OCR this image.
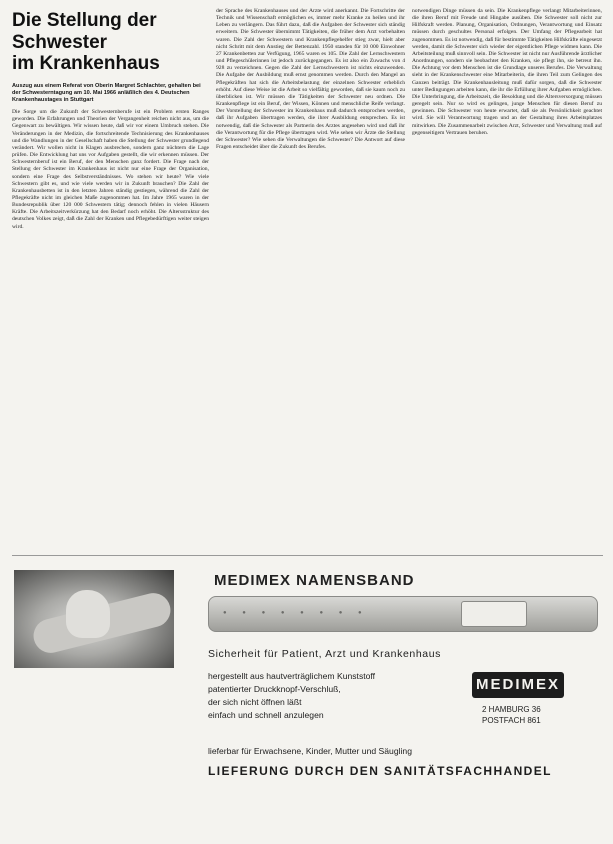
Die Stellung der
Schwester
im Krankenhaus

Auszug aus einem Referat von Oberin Margret Schlachter, gehalten bei der Schwesterntagung am 10. Mai 1966 anläßlich des 4. Deutschen Krankenhaustages in Stuttgart

Die Sorge um die Zukunft der Schwesternberufe ist ein Problem ersten Ranges geworden. Die Erfahrungen und Theorien der Vergangenheit reichen nicht aus, um die Gegenwart zu bewältigen. Wir wissen heute, daß wir vor einem Umbruch stehen. Die Veränderungen in der Medizin, die fortschreitende Technisierung des Krankenhauses und die Wandlungen in der Gesellschaft haben die Stellung der Schwester grundlegend verändert. Wir wollen nicht in Klagen ausbrechen, sondern ganz nüchtern die Lage prüfen. Die Entwicklung hat uns vor Aufgaben gestellt, die wir erkennen müssen. Der Schwesternberuf ist ein Beruf, der den Menschen ganz fordert. Die Frage nach der Stellung der Schwester im Krankenhaus ist nicht nur eine Frage der Organisation, sondern eine Frage des Selbstverständnisses. Wo stehen wir heute? Wie viele Schwestern gibt es, und wie viele werden wir in Zukunft brauchen? Die Zahl der Krankenhausbetten ist in den letzten Jahren ständig gestiegen, während die Zahl der Pflegekräfte nicht im gleichen Maße zugenommen hat. Im Jahre 1965 waren in der Bundesrepublik über 120 000 Schwestern tätig; dennoch fehlen in vielen Häusern Kräfte. Die Arbeitszeitverkürzung hat den Bedarf noch erhöht. Die Altersstruktur des deutschen Volkes zeigt, daß die Zahl der Kranken und Pflegebedürftigen weiter steigen wird.

der Sprache des Krankenhauses und der Ärzte wird anerkannt. Die Fortschritte der Technik und Wissenschaft ermöglichen es, immer mehr Kranke zu heilen und ihr Leben zu verlängern. Das führt dazu, daß die Aufgaben der Schwester sich ständig erweitern. Die Schwester übernimmt Tätigkeiten, die früher dem Arzt vorbehalten waren. Die Zahl der Schwestern und Krankenpflegehelfer stieg zwar, hielt aber nicht Schritt mit dem Anstieg der Bettenzahl. 1950 standen für 10 000 Einwohner 27 Krankenbetten zur Verfügung, 1965 waren es 105. Die Zahl der Lernschwestern und Pflegeschülerinnen ist jedoch zurückgegangen. Es ist also ein Zuwachs von 4 928 zu verzeichnen. Gegen die Zahl der Lernschwestern ist nichts einzuwenden. Die Aufgabe der Ausbildung muß ernst genommen werden. Durch den Mangel an Pflegekräften hat sich die Arbeitsbelastung der einzelnen Schwester erheblich erhöht. Auf diese Weise ist die Arbeit so vielfältig geworden, daß sie kaum noch zu überblicken ist. Wir müssen die Tätigkeiten der Schwester neu ordnen. Die Krankenpflege ist ein Beruf, der Wissen, Können und menschliche Reife verlangt. Der Vorstellung der Schwester im Krankenhaus muß dadurch entsprochen werden, daß ihr Aufgaben übertragen werden, die ihrer Ausbildung entsprechen. Es ist notwendig, daß die Schwester als Partnerin des Arztes angesehen wird und daß ihr die Verantwortung für die Pflege übertragen wird. Wie sehen wir Ärzte die Stellung der Schwester? Wie sehen die Verwaltungen die Schwester? Die Antwort auf diese Fragen entscheidet über die Zukunft des Berufes.

notwendigen Dinge müssen da sein. Die Krankenpflege verlangt Mitarbeiterinnen, die ihren Beruf mit Freude und Hingabe ausüben. Die Schwester soll nicht zur Hilfskraft werden. Planung, Organisation, Ordnungen, Verantwortung und Einsatz müssen durch geschultes Personal erfolgen. Der Umfang der Pflegearbeit hat zugenommen. Es ist notwendig, daß für bestimmte Tätigkeiten Hilfskräfte eingesetzt werden, damit die Schwester sich wieder der eigentlichen Pflege widmen kann. Die Arbeitsteilung muß sinnvoll sein. Die Schwester ist nicht nur Ausführende ärztlicher Anordnungen, sondern sie beobachtet den Kranken, sie pflegt ihn, sie betreut ihn. Die Achtung vor dem Menschen ist die Grundlage unseres Berufes. Die Verwaltung sieht in der Krankenschwester eine Mitarbeiterin, die ihren Teil zum Gelingen des Ganzen beiträgt. Die Krankenhausleitung muß dafür sorgen, daß die Schwester unter Bedingungen arbeiten kann, die ihr die Erfüllung ihrer Aufgaben ermöglichen. Die Unterbringung, die Arbeitszeit, die Besoldung und die Altersversorgung müssen geregelt sein. Nur so wird es gelingen, junge Menschen für diesen Beruf zu gewinnen. Die Schwester von heute erwartet, daß sie als Persönlichkeit geachtet wird. Sie will Verantwortung tragen und an der Gestaltung ihres Arbeitsplatzes mitwirken. Die Zusammenarbeit zwischen Arzt, Schwester und Verwaltung muß auf gegenseitigem Vertrauen beruhen.

MEDIMEX NAMENSBAND
● ● ● ● ● ● ● ●
Sicherheit für Patient, Arzt und Krankenhaus
hergestellt aus hautverträglichem Kunststoff
patentierter Druckknopf-Verschluß,
der sich nicht öffnen läßt
einfach und schnell anzulegen
MEDIMEX
2 HAMBURG 36
POSTFACH 861
lieferbar für Erwachsene, Kinder, Mutter und Säugling
LIEFERUNG DURCH DEN SANITÄTSFACHHANDEL
